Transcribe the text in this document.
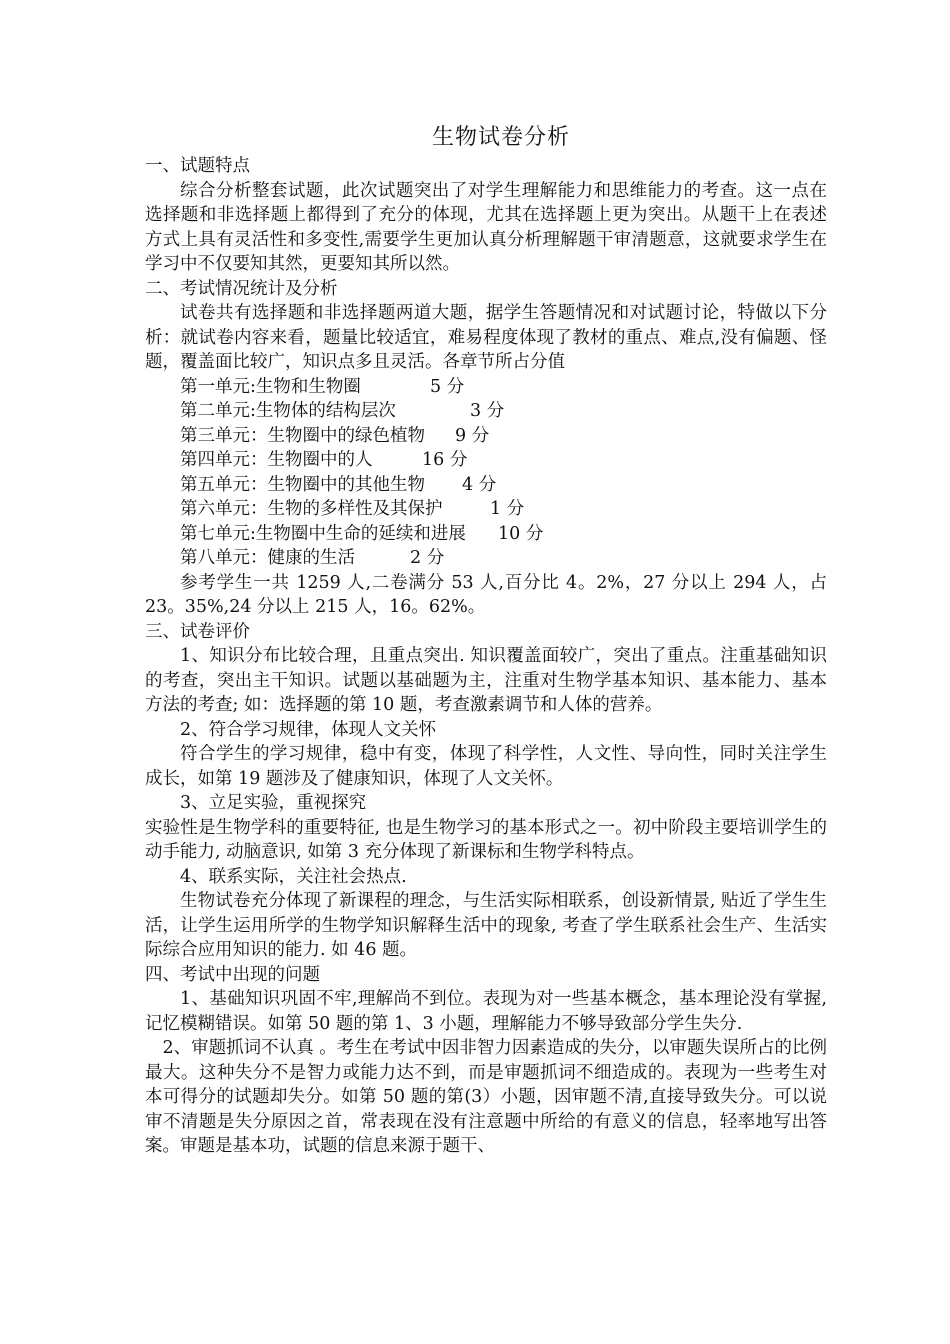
生物试卷分析

一、试题特点

综合分析整套试题，此次试题突出了对学生理解能力和思维能力的考查。这一点在选择题和非选择题上都得到了充分的体现，尤其在选择题上更为突出。从题干上在表述方式上具有灵活性和多变性,需要学生更加认真分析理解题干审清题意，这就要求学生在学习中不仅要知其然，更要知其所以然。

二、考试情况统计及分析

试卷共有选择题和非选择题两道大题，据学生答题情况和对试题讨论，特做以下分析：就试卷内容来看，题量比较适宜，难易程度体现了教材的重点、难点,没有偏题、怪题，覆盖面比较广，知识点多且灵活。各章节所占分值

第一单元:生物和生物圈	5 分

第二单元:生物体的结构层次	3 分

第三单元：生物圈中的绿色植物 9 分

第四单元：生物圈中的人	16 分

第五单元：生物圈中的其他生物 4 分

第六单元：生物的多样性及其保护	1 分

第七单元:生物圈中生命的延续和进展 10 分

第八单元：健康的生活	2 分

参考学生一共 1259 人,二卷满分 53 人,百分比 4。2%，27 分以上 294 人，占 23。35%,24 分以上 215 人，16。62%。

三、试卷评价

1、知识分布比较合理，且重点突出. 知识覆盖面较广，突出了重点。注重基础知识的考查，突出主干知识。试题以基础题为主，注重对生物学基本知识、基本能力、基本方法的考查; 如：选择题的第 10 题，考查激素调节和人体的营养。

2、符合学习规律，体现人文关怀

符合学生的学习规律，稳中有变，体现了科学性，人文性、导向性，同时关注学生成长，如第 19 题涉及了健康知识，体现了人文关怀。

3、立足实验，重视探究

实验性是生物学科的重要特征, 也是生物学习的基本形式之一。初中阶段主要培训学生的动手能力, 动脑意识, 如第 3 充分体现了新课标和生物学科特点。

4、联系实际，关注社会热点.

生物试卷充分体现了新课程的理念，与生活实际相联系，创设新情景, 贴近了学生生活，让学生运用所学的生物学知识解释生活中的现象, 考查了学生联系社会生产、生活实际综合应用知识的能力. 如 46 题。

四、考试中出现的问题

1、基础知识巩固不牢,理解尚不到位。表现为对一些基本概念，基本理论没有掌握,记忆模糊错误。如第 50 题的第 1、3 小题，理解能力不够导致部分学生失分.

2、审题抓词不认真 。考生在考试中因非智力因素造成的失分，以审题失误所占的比例最大。这种失分不是智力或能力达不到，而是审题抓词不细造成的。表现为一些考生对本可得分的试题却失分。如第 50 题的第(3）小题，因审题不清,直接导致失分。可以说审不清题是失分原因之首，常表现在没有注意题中所给的有意义的信息，轻率地写出答案。审题是基本功，试题的信息来源于题干、
